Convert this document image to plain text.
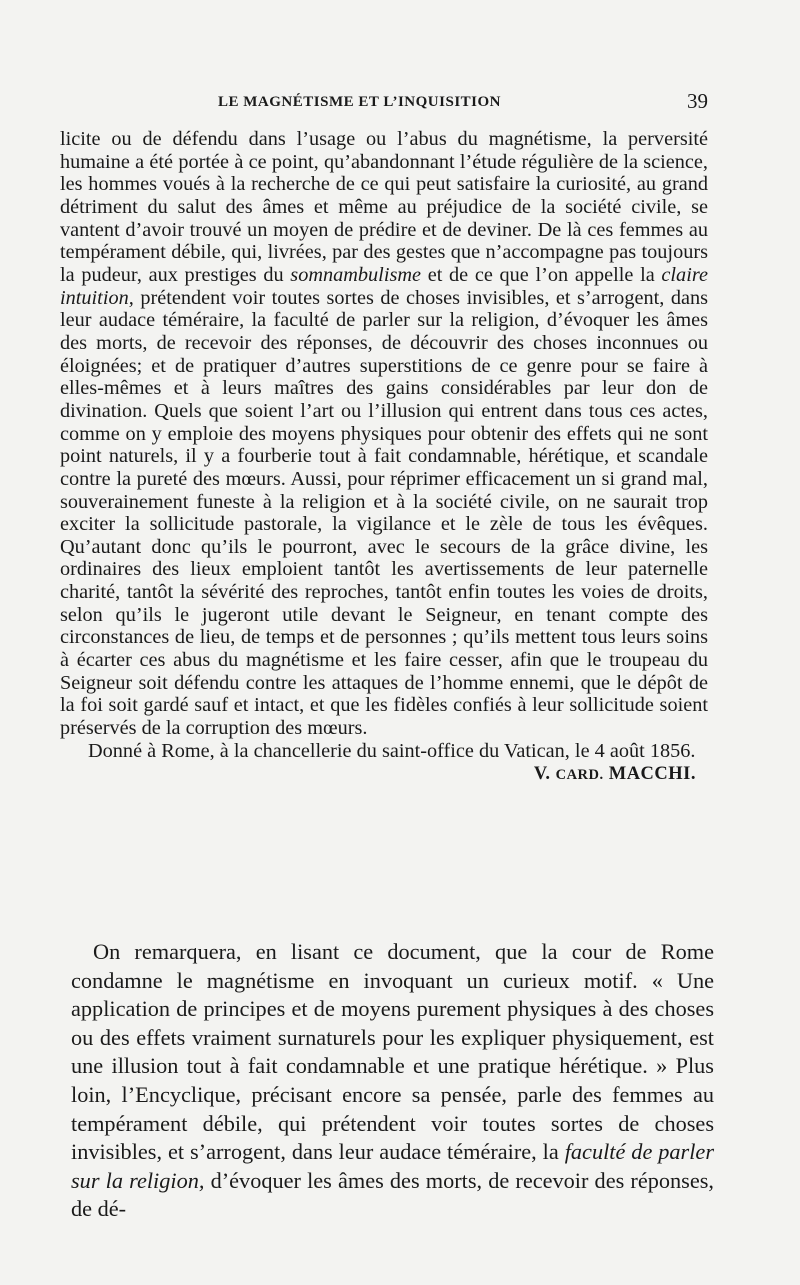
LE MAGNÉTISME ET L’INQUISITION	39

licite ou de défendu dans l’usage ou l’abus du magnétisme, la perversité humaine a été portée à ce point, qu’abandonnant l’étude régulière de la science, les hommes voués à la recherche de ce qui peut satisfaire la curiosité, au grand détriment du salut des âmes et même au préjudice de la société civile, se vantent d’avoir trouvé un moyen de prédire et de deviner. De là ces femmes au tempérament débile, qui, livrées, par des gestes que n’accompagne pas toujours la pudeur, aux prestiges du somnambulisme et de ce que l’on appelle la claire intuition, prétendent voir toutes sortes de choses invisibles, et s’arrogent, dans leur audace téméraire, la faculté de parler sur la religion, d’évoquer les âmes des morts, de recevoir des réponses, de découvrir des choses inconnues ou éloignées; et de pratiquer d’autres superstitions de ce genre pour se faire à elles-mêmes et à leurs maîtres des gains considérables par leur don de divination. Quels que soient l’art ou l’illusion qui entrent dans tous ces actes, comme on y emploie des moyens physiques pour obtenir des effets qui ne sont point naturels, il y a fourberie tout à fait condamnable, hérétique, et scandale contre la pureté des mœurs. Aussi, pour réprimer efficacement un si grand mal, souverainement funeste à la religion et à la société civile, on ne saurait trop exciter la sollicitude pastorale, la vigilance et le zèle de tous les évêques. Qu’autant donc qu’ils le pourront, avec le secours de la grâce divine, les ordinaires des lieux emploient tantôt les avertissements de leur paternelle charité, tantôt la sévérité des reproches, tantôt enfin toutes les voies de droits, selon qu’ils le jugeront utile devant le Seigneur, en tenant compte des circonstances de lieu, de temps et de personnes ; qu’ils mettent tous leurs soins à écarter ces abus du magnétisme et les faire cesser, afin que le troupeau du Seigneur soit défendu contre les attaques de l’homme ennemi, que le dépôt de la foi soit gardé sauf et intact, et que les fidèles confiés à leur sollicitude soient préservés de la corruption des mœurs.

Donné à Rome, à la chancellerie du saint-office du Vatican, le 4 août 1856.

V. CARD. MACCHI.

On remarquera, en lisant ce document, que la cour de Rome condamne le magnétisme en invoquant un curieux motif. « Une application de principes et de moyens purement physiques à des choses ou des effets vraiment surnaturels pour les expliquer physiquement, est une illusion tout à fait condamnable et une pratique hérétique. » Plus loin, l’Encyclique, précisant encore sa pensée, parle des femmes au tempérament débile, qui prétendent voir toutes sortes de choses invisibles, et s’arrogent, dans leur audace téméraire, la faculté de parler sur la religion, d’évoquer les âmes des morts, de recevoir des réponses, de dé-
